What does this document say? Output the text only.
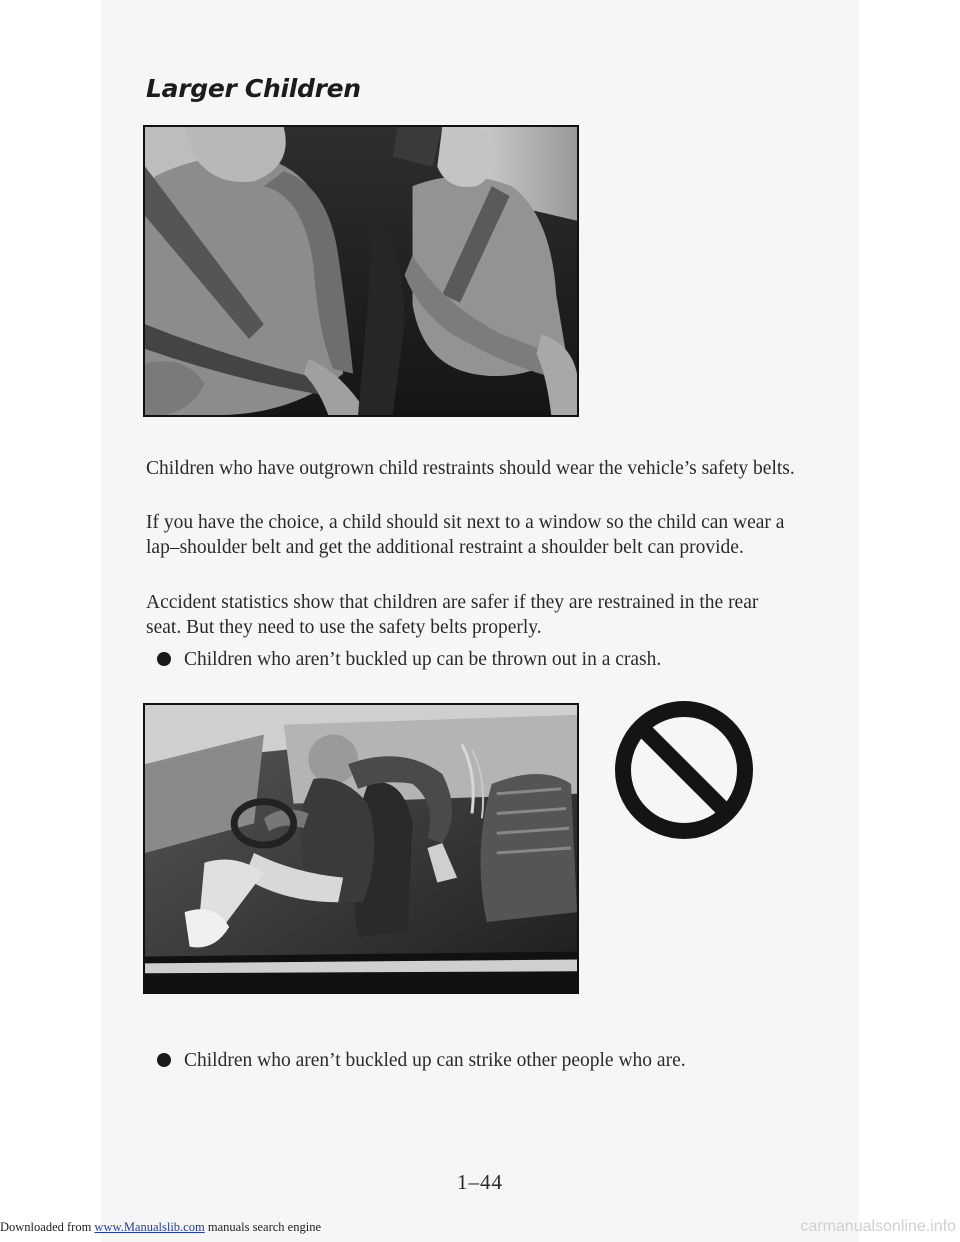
Larger Children

Children who have outgrown child restraints should wear the vehicle’s safety belts.

If you have the choice, a child should sit next to a window so the child can wear a lap–shoulder belt and get the additional restraint a shoulder belt can provide.

Accident statistics show that children are safer if they are restrained in the rear seat. But they need to use the safety belts properly.

Children who aren’t buckled up can be thrown out in a crash.
Children who aren’t buckled up can strike other people who are.
1–44
Downloaded from www.Manualslib.com manuals search engine	carmanualsonline.info
